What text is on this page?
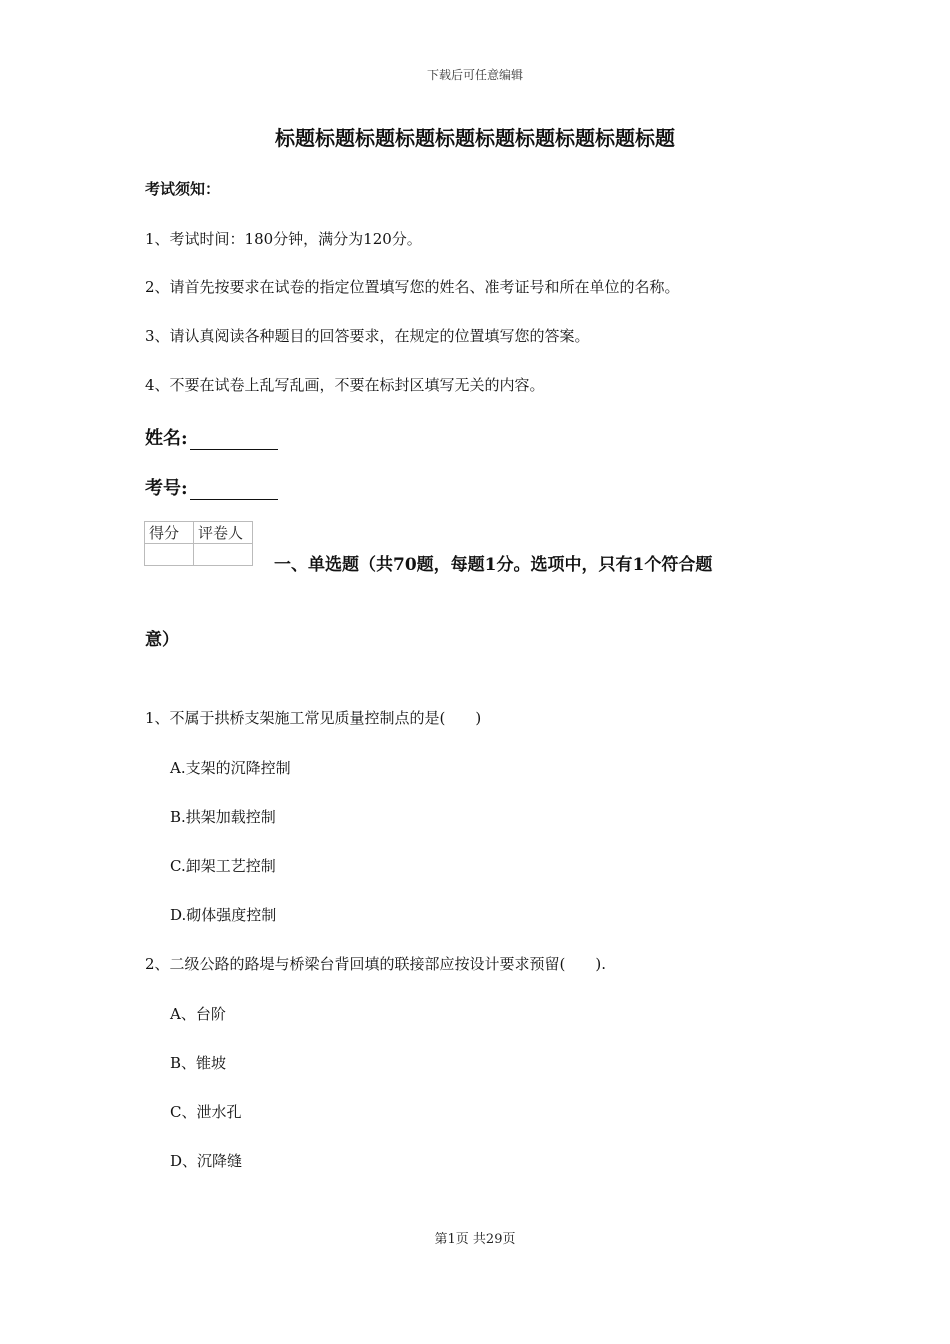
下载后可任意编辑
标题标题标题标题标题标题标题标题标题标题
考试须知：
1、考试时间：180分钟，满分为120分。
2、请首先按要求在试卷的指定位置填写您的姓名、准考证号和所在单位的名称。
3、请认真阅读各种题目的回答要求，在规定的位置填写您的答案。
4、不要在试卷上乱写乱画，不要在标封区填写无关的内容。
姓名:
考号:
得分	评卷人

一、单选题（共70题，每题1分。选项中，只有1个符合题
意）
1、不属于拱桥支架施工常见质量控制点的是(　　)
A.支架的沉降控制
B.拱架加载控制
C.卸架工艺控制
D.砌体强度控制
2、二级公路的路堤与桥梁台背回填的联接部应按设计要求预留(　　).
A、台阶
B、锥坡
C、泄水孔
D、沉降缝
第1页 共29页
